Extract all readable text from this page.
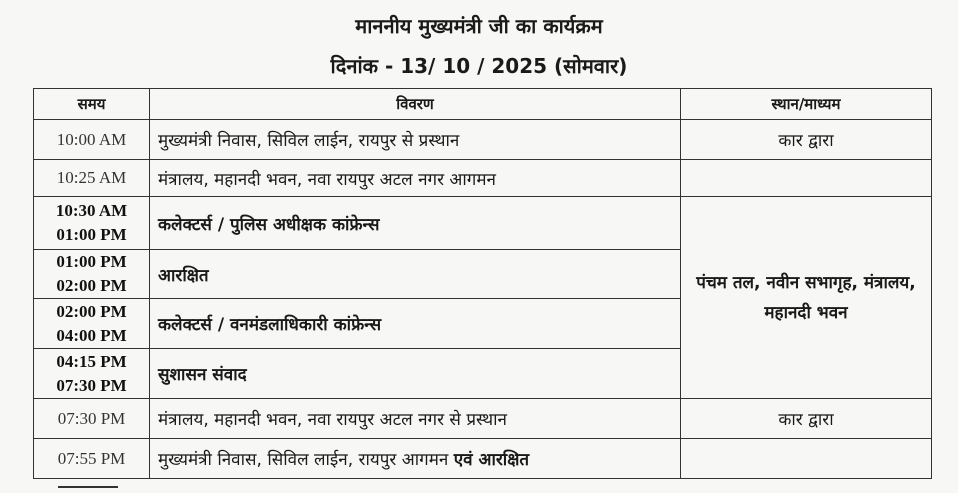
माननीय मुख्यमंत्री जी का कार्यक्रम
दिनांक - 13/ 10 / 2025 (सोमवार)
समय	विवरण	स्थान/माध्यम
10:00 AM	मुख्यमंत्री निवास, सिविल लाईन, रायपुर से प्रस्थान	कार द्वारा
10:25 AM	मंत्रालय, महानदी भवन, नवा रायपुर अटल नगर आगमन	

10:30 AM
01:00 PM	कलेक्टर्स / पुलिस अधीक्षक कांफ्रेन्स	पंचम तल, नवीन सभागृह, मंत्रालय, महानदी भवन

01:00 PM
02:00 PM	आरक्षित	

02:00 PM
04:00 PM	कलेक्टर्स / वनमंडलाधिकारी कांफ्रेन्स	

04:15 PM
07:30 PM	सुशासन संवाद	
07:30 PM	मंत्रालय, महानदी भवन, नवा रायपुर अटल नगर से प्रस्थान	कार द्वारा
07:55 PM	मुख्यमंत्री निवास, सिविल लाईन, रायपुर आगमन एवं आरक्षित	
